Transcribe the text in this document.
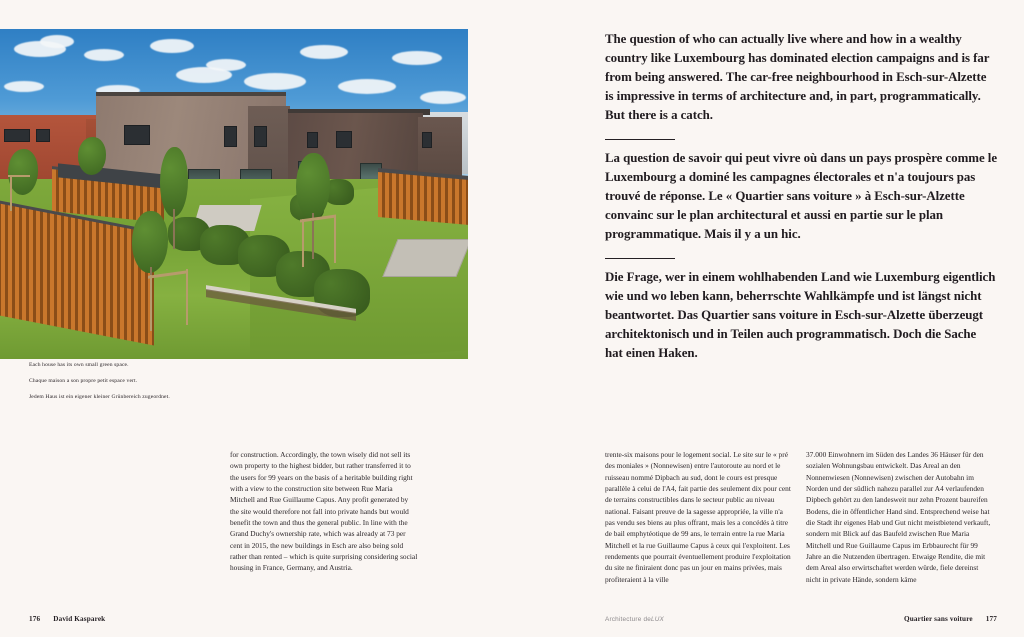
Each house has its own small green space.

Chaque maison a son propre petit espace vert.

Jedem Haus ist ein eigener kleiner Grünbereich zugeordnet.

The question of who can actually live where and how in a wealthy country like Luxembourg has dominated election campaigns and is far from being answered. The car-free neighbourhood in Esch-sur-Alzette is impressive in terms of architecture and, in part, programmatically. But there is a catch.

La question de savoir qui peut vivre où dans un pays prospère comme le Luxembourg a dominé les campagnes électorales et n'a toujours pas trouvé de réponse. Le « Quartier sans voiture » à Esch-sur-Alzette convainc sur le plan architectural et aussi en partie sur le plan programmatique. Mais il y a un hic.

Die Frage, wer in einem wohlhabenden Land wie Luxemburg eigentlich wie und wo leben kann, beherrschte Wahlkämpfe und ist längst nicht beantwortet. Das Quartier sans voiture in Esch-sur-Alzette überzeugt architektonisch und in Teilen auch programmatisch. Doch die Sache hat einen Haken.

for construction. Accordingly, the town wisely did not sell its own property to the highest bidder, but rather transferred it to the users for 99 years on the basis of a heritable building right with a view to the construction site between Rue Maria Mitchell and Rue Guillaume Capus. Any profit generated by the site would therefore not fall into private hands but would benefit the town and thus the general public. In line with the Grand Duchy's ownership rate, which was already at 73 per cent in 2015, the new buildings in Esch are also being sold rather than rented – which is quite surprising considering social housing in France, Germany, and Austria.

trente-six maisons pour le logement social. Le site sur le « pré des moniales » (Nonnewisen) entre l'autoroute au nord et le ruisseau nommé Dipbach au sud, dont le cours est presque parallèle à celui de l'A4, fait partie des seulement dix pour cent de terrains constructibles dans le secteur public au niveau national. Faisant preuve de la sagesse appropriée, la ville n'a pas vendu ses biens au plus offrant, mais les a concédés à titre de bail emphytéotique de 99 ans, le terrain entre la rue Maria Mitchell et la rue Guillaume Capus à ceux qui l'exploitent. Les rendements que pourrait éventuellement produire l'exploitation du site ne finiraient donc pas un jour en mains privées, mais profiteraient à la ville

37.000 Einwohnern im Süden des Landes 36 Häuser für den sozialen Wohnungsbau entwickelt. Das Areal an den Nonnenwiesen (Nonnewisen) zwischen der Autobahn im Norden und der südlich nahezu parallel zur A4 verlaufenden Dipbech gehört zu den landesweit nur zehn Prozent baureifen Bodens, die in öffentlicher Hand sind. Entsprechend weise hat die Stadt ihr eigenes Hab und Gut nicht meistbietend verkauft, sondern mit Blick auf das Baufeld zwischen Rue Maria Mitchell und Rue Guillaume Capus im Erbbaurecht für 99 Jahre an die Nutzenden übertragen. Etwaige Rendite, die mit dem Areal also erwirtschaftet werden würde, fiele dereinst nicht in private Hände, sondern käme

176 David Kasparek	Architecture deLUX	Quartier sans voiture 177
